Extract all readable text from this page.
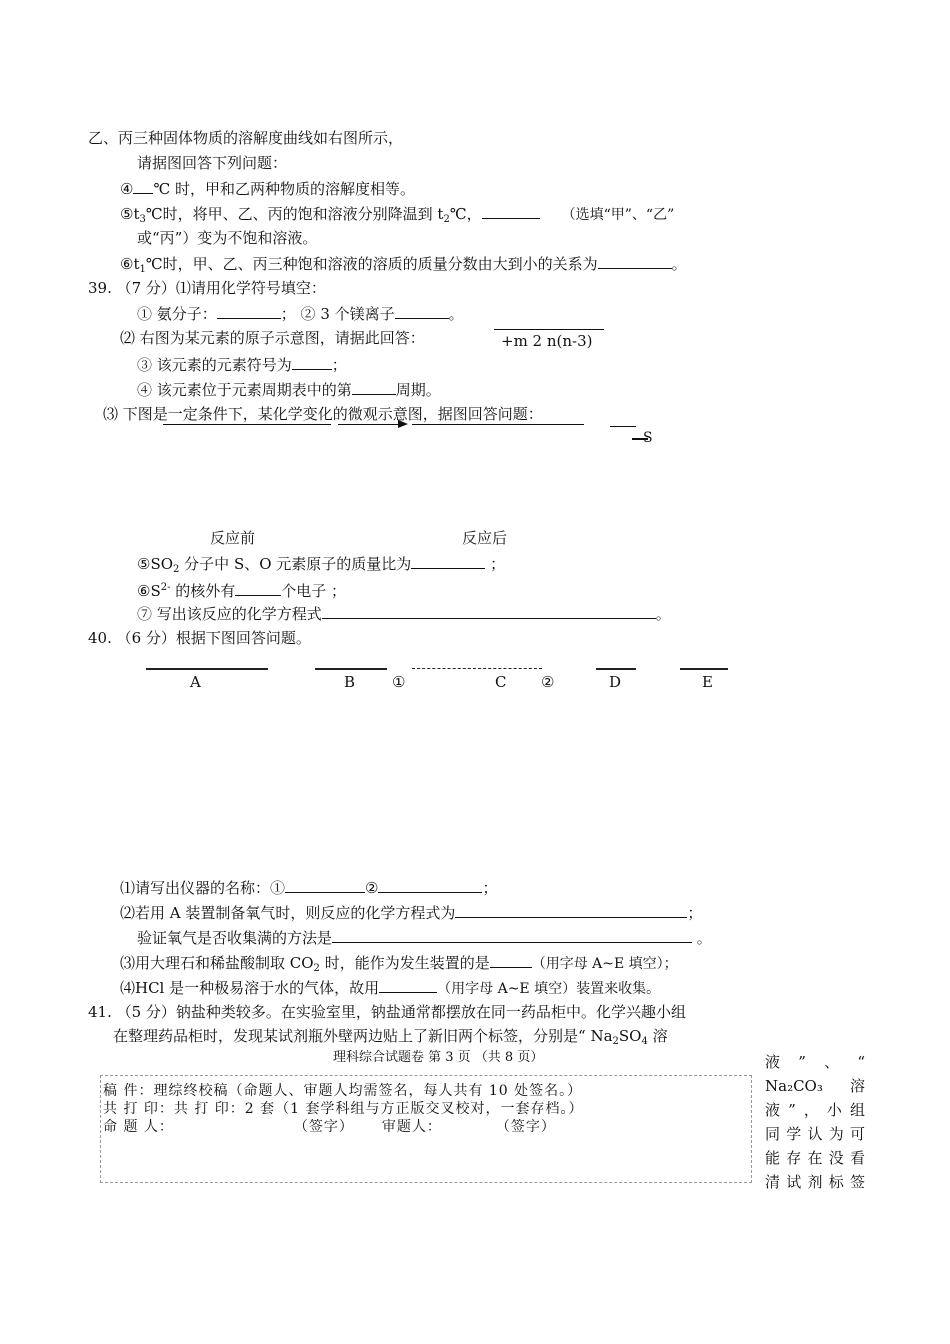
乙、丙三种固体物质的溶解度曲线如右图所示，
请据图回答下列问题：
④ ℃ 时，甲和乙两种物质的溶解度相等。
$⑤t_3℃$时，将甲、乙、丙的饱和溶液分别降温到 $t_2℃$，	（选填“甲”、“乙”
或“丙”）变为不饱和溶液。
$⑥t_1℃$时，甲、乙、丙三种饱和溶液的溶质的质量分数由大到小的关系为	。
39. （7 分）⑴请用化学符号填空：
① 氨分子：	； ② 3 个镁离子	。
⑵ 右图为某元素的原子示意图，请据此回答：	+m 2 n(n-3)
③ 该元素的元素符号为	；
④ 该元素位于元素周期表中的第	周期。
⑶ 下图是一定条件下，某化学变化的微观示意图，据图回答问题：
S
反应前	反应后
$⑤SO_2$ 分子中 S、O 元素原子的质量比为	；
$⑥S^{2-}$ 的核外有	个电子 ；
⑦ 写出该反应的化学方程式	。
40. （6 分）根据下图回答问题。
A	B ①	C ②	D	E
⑴请写出仪器的名称：①	②	；
⑵若用 A 装置制备氧气时，则反应的化学方程式为	；
验证氧气是否收集满的方法是	。
⑶用大理石和稀盐酸制取 $CO_2$ 时，能作为发生装置的是	（用字母 A~E 填空）；
⑷HCl 是一种极易溶于水的气体，故用	（用字母 A~E 填空）装置来收集。
41. （5 分）钠盐种类较多。在实验室里，钠盐通常都摆放在同一药品柜中。化学兴趣小组
在整理药品柜时，发现某试剂瓶外壁两边贴上了新旧两个标签，分别是“ $Na_2SO_4$ 溶
理科综合试题卷 第 3 页 （共 8 页）	液”、“
Na₂CO₃ 溶
液”，小组
同学认为可
能存在没看
清试剂标签
稿 件：理综终校稿（命题人、审题人均需签名，每人共有 10 处签名。）
共 打 印：共 打 印：2 套（1 套学科组与方正版交叉校对，一套存档。）
命 题 人：	（签字） 审题人：	（签字）
